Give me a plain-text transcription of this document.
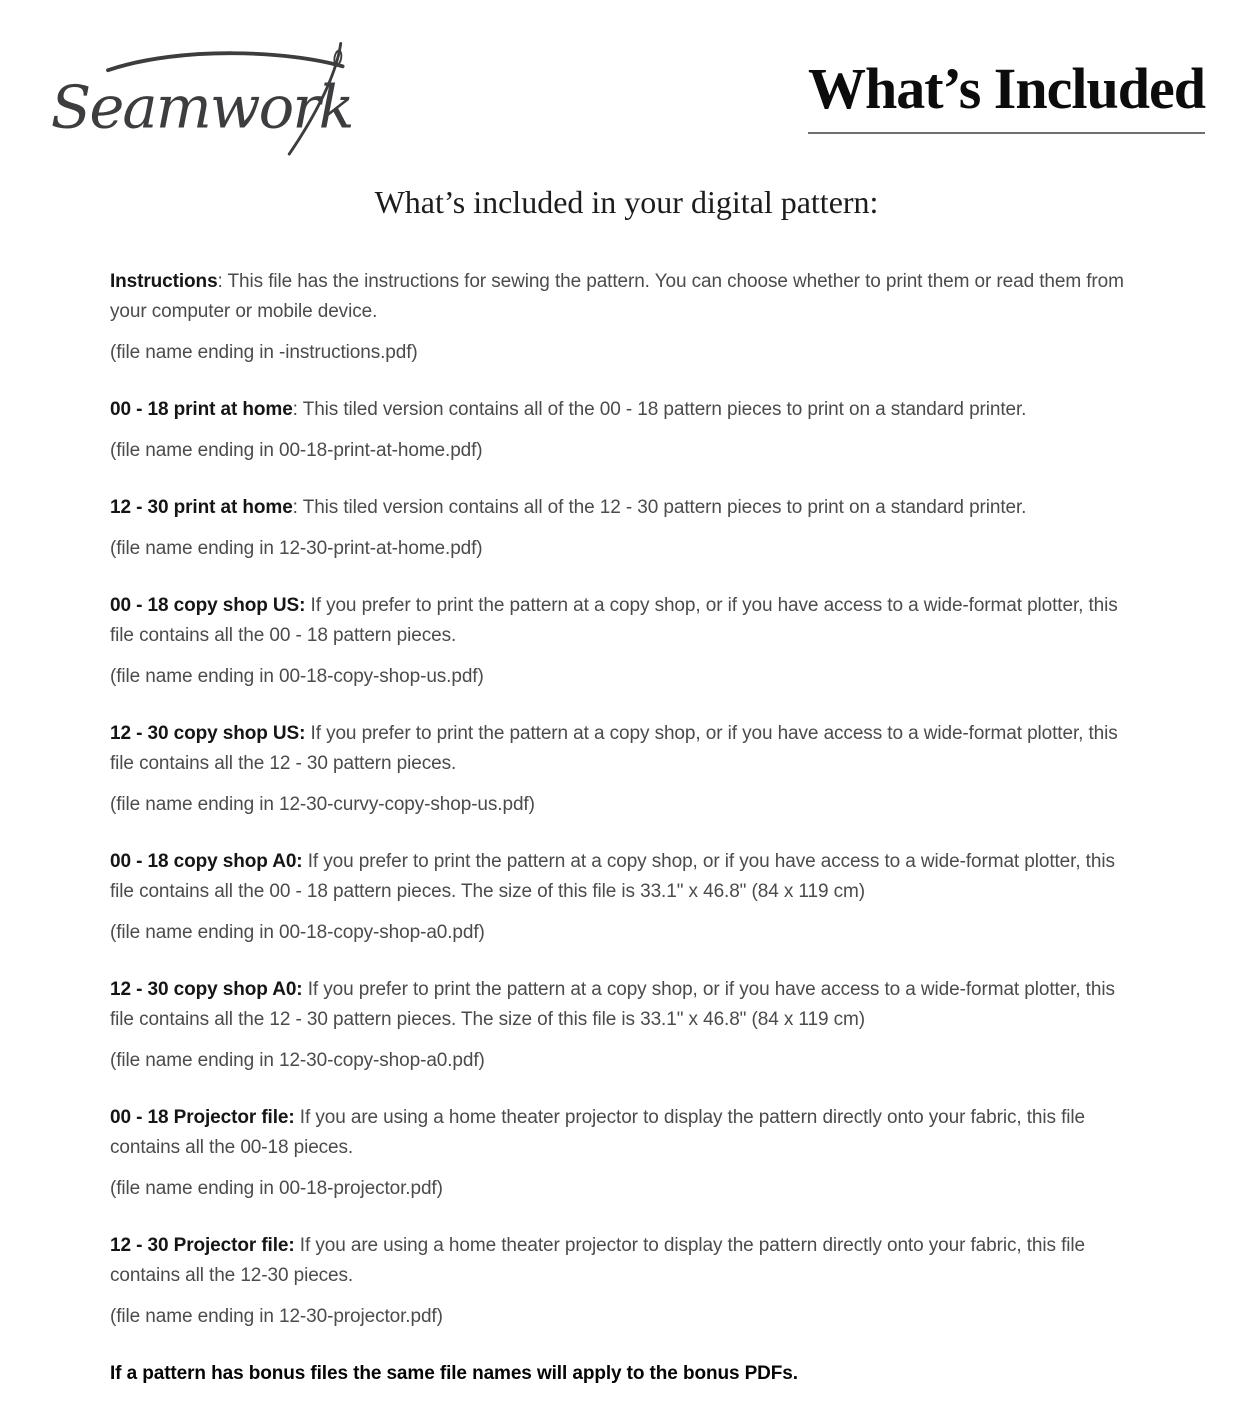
Seamwork	What’s Included
What’s included in your digital pattern:

Instructions: This file has the instructions for sewing the pattern. You can choose whether to print them or read them from your computer or mobile device.

(file name ending in -instructions.pdf)

00 - 18 print at home: This tiled version contains all of the 00 - 18 pattern pieces to print on a standard printer.

(file name ending in 00-18-print-at-home.pdf)

12 - 30 print at home: This tiled version contains all of the 12 - 30 pattern pieces to print on a standard printer.

(file name ending in 12-30-print-at-home.pdf)

00 - 18 copy shop US: If you prefer to print the pattern at a copy shop, or if you have access to a wide-format plotter, this file contains all the 00 - 18 pattern pieces.

(file name ending in 00-18-copy-shop-us.pdf)

12 - 30 copy shop US: If you prefer to print the pattern at a copy shop, or if you have access to a wide-format plotter, this file contains all the 12 - 30 pattern pieces.

(file name ending in 12-30-curvy-copy-shop-us.pdf)

00 - 18 copy shop A0: If you prefer to print the pattern at a copy shop, or if you have access to a wide-format plotter, this file contains all the 00 - 18 pattern pieces. The size of this file is 33.1" x 46.8" (84 x 119 cm)

(file name ending in 00-18-copy-shop-a0.pdf)

12 - 30 copy shop A0: If you prefer to print the pattern at a copy shop, or if you have access to a wide-format plotter, this file contains all the 12 - 30 pattern pieces. The size of this file is 33.1" x 46.8" (84 x 119 cm)

(file name ending in 12-30-copy-shop-a0.pdf)

00 - 18 Projector file: If you are using a home theater projector to display the pattern directly onto your fabric, this file contains all the 00-18 pieces.

(file name ending in 00-18-projector.pdf)

12 - 30 Projector file: If you are using a home theater projector to display the pattern directly onto your fabric, this file contains all the 12-30 pieces.

(file name ending in 12-30-projector.pdf)

If a pattern has bonus files the same file names will apply to the bonus PDFs.
